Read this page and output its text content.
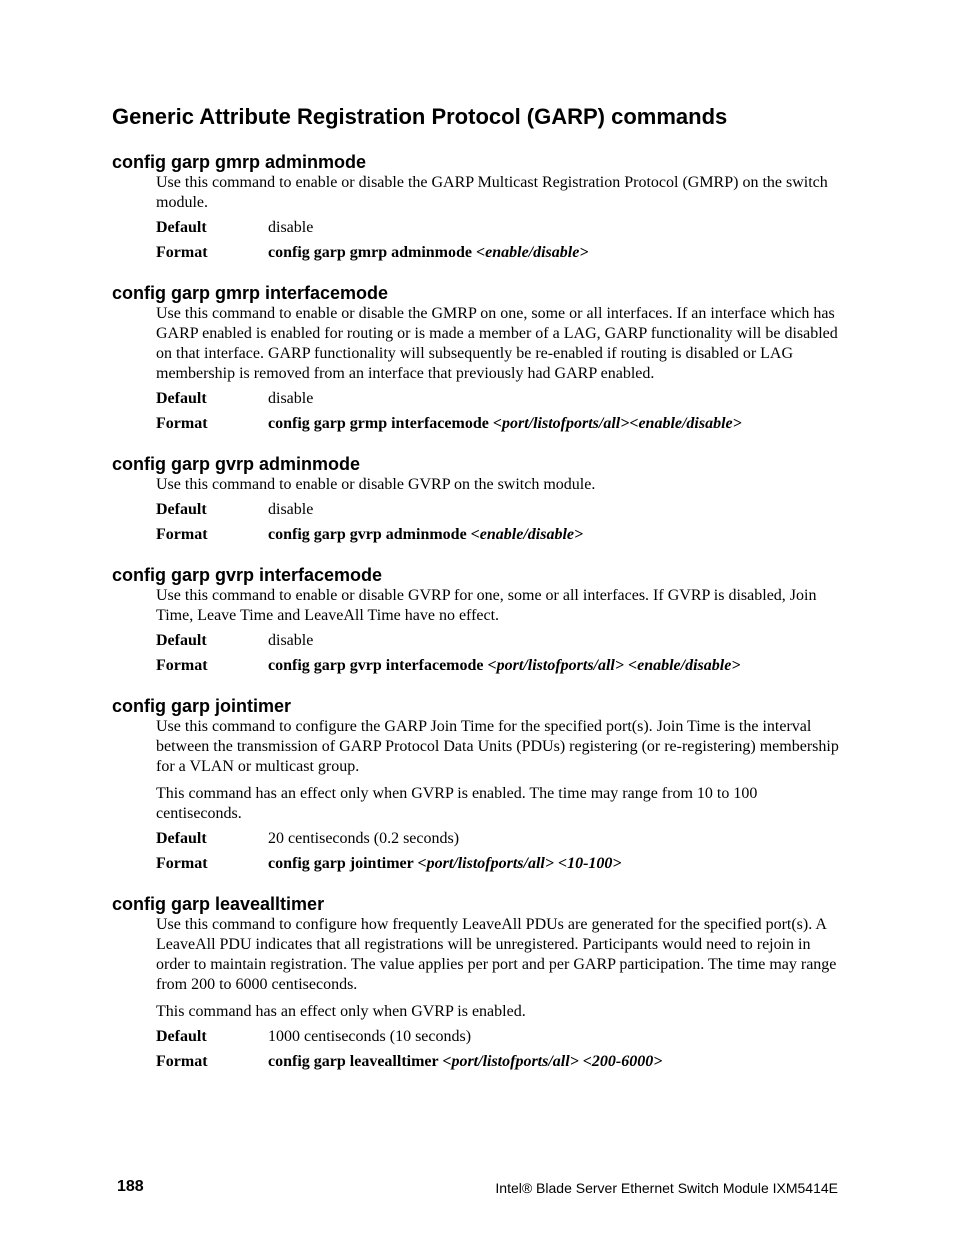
Generic Attribute Registration Protocol (GARP) commands
config garp gmrp adminmode

Use this command to enable or disable the GARP Multicast Registration Protocol (GMRP) on the switch module.

Default	disable
Format	config garp gmrp adminmode <enable/disable>
config garp gmrp interfacemode

Use this command to enable or disable the GMRP on one, some or all interfaces. If an interface which has GARP enabled is enabled for routing or is made a member of a LAG, GARP functionality will be disabled on that interface. GARP functionality will subsequently be re-enabled if routing is disabled or LAG membership is removed from an interface that previously had GARP enabled.

Default	disable
Format	config garp grmp interfacemode <port/listofports/all><enable/disable>
config garp gvrp adminmode

Use this command to enable or disable GVRP on the switch module.

Default	disable
Format	config garp gvrp adminmode <enable/disable>
config garp gvrp interfacemode

Use this command to enable or disable GVRP for one, some or all interfaces. If GVRP is disabled, Join Time, Leave Time and LeaveAll Time have no effect.

Default	disable
Format	config garp gvrp interfacemode <port/listofports/all> <enable/disable>
config garp jointimer

Use this command to configure the GARP Join Time for the specified port(s). Join Time is the interval between the transmission of GARP Protocol Data Units (PDUs) registering (or re-registering) membership for a VLAN or multicast group.

This command has an effect only when GVRP is enabled. The time may range from 10 to 100 centiseconds.

Default	20 centiseconds (0.2 seconds)
Format	config garp jointimer <port/listofports/all> <10-100>
config garp leavealltimer

Use this command to configure how frequently LeaveAll PDUs are generated for the specified port(s). A LeaveAll PDU indicates that all registrations will be unregistered. Participants would need to rejoin in order to maintain registration. The value applies per port and per GARP participation. The time may range from 200 to 6000 centiseconds.

This command has an effect only when GVRP is enabled.

Default	1000 centiseconds (10 seconds)
Format	config garp leavealltimer <port/listofports/all> <200-6000>
188	Intel® Blade Server Ethernet Switch Module IXM5414E
